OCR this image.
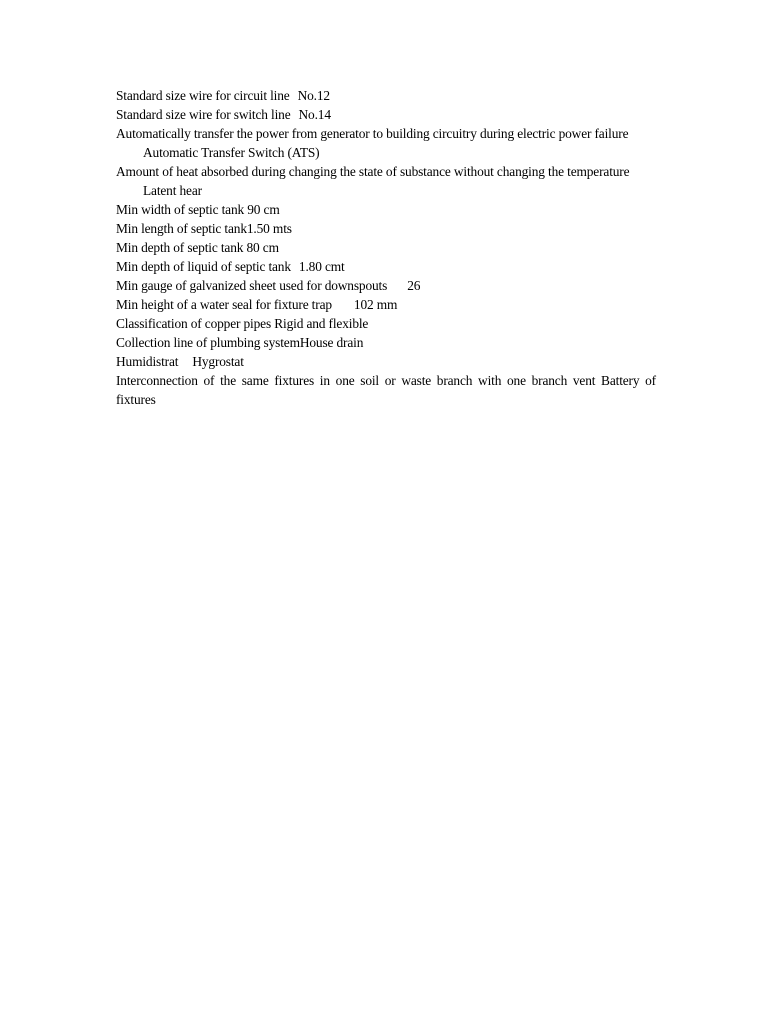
Standard size wire for circuit line No.12
Standard size wire for switch line No.14
Automatically transfer the power from generator to building circuitry during electric power failure
Automatic Transfer Switch (ATS)
Amount of heat absorbed during changing the state of substance without changing the temperature
Latent hear
Min width of septic tank 90 cm
Min length of septic tank1.50 mts
Min depth of septic tank 80 cm
Min depth of liquid of septic tank 1.80 cmt
Min gauge of galvanized sheet used for downspouts 26
Min height of a water seal for fixture trap 102 mm
Classification of copper pipes Rigid and flexible
Collection line of plumbing systemHouse drain
Humidistrat Hygrostat
Interconnection of the same fixtures in one soil or waste branch with one branch vent Battery of fixtures
